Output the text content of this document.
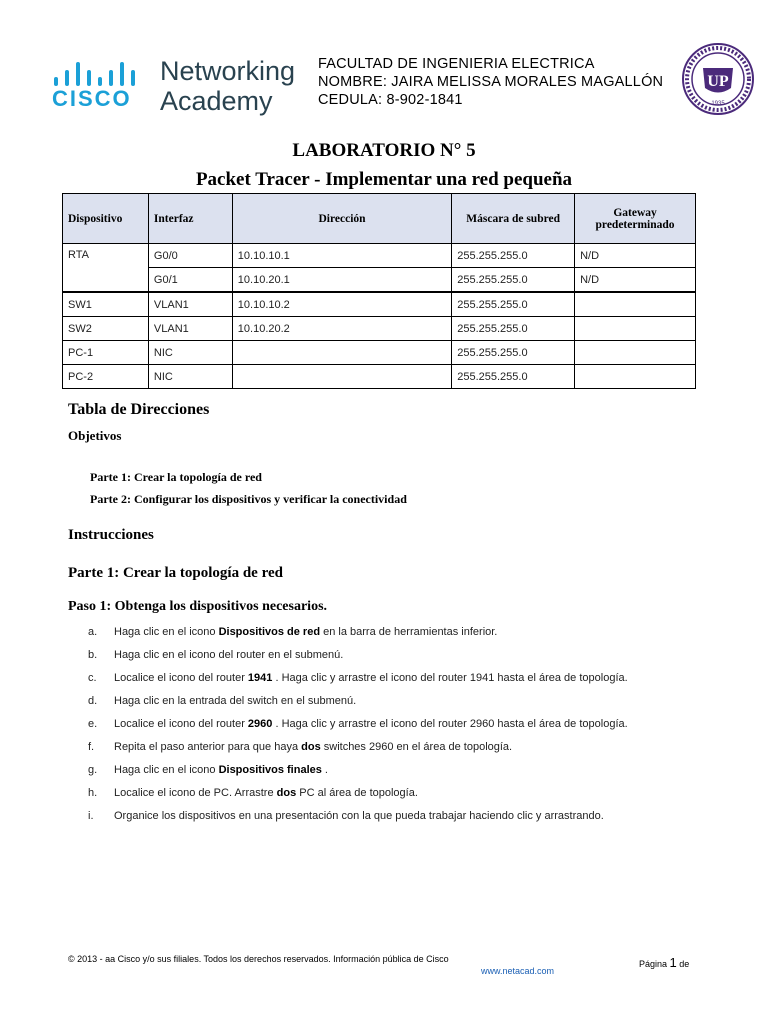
CISCO
Networking
Academy
FACULTAD DE INGENIERIA ELECTRICA
NOMBRE: JAIRA MELISSA MORALES MAGALLÓN
CEDULA: 8-902-1841
UP
1935
LABORATORIO N° 5
Packet Tracer - Implementar una red pequeña
Dispositivo	Interfaz	Dirección	Máscara de subred	Gateway predeterminado
RTA	G0/0	10.10.10.1	255.255.255.0	N/D
	G0/1	10.10.20.1	255.255.255.0	N/D
SW1	VLAN1	10.10.10.2	255.255.255.0	
SW2	VLAN1	10.10.20.2	255.255.255.0	
PC-1	NIC		255.255.255.0	
PC-2	NIC		255.255.255.0	
Tabla de Direcciones
Objetivos
Parte 1: Crear la topología de red
Parte 2: Configurar los dispositivos y verificar la conectividad
Instrucciones
Parte 1: Crear la topología de red
Paso 1: Obtenga los dispositivos necesarios.
a.	Haga clic en el icono Dispositivos de red en la barra de herramientas inferior.
b.	Haga clic en el icono del router en el submenú.
c.	Localice el icono del router 1941 . Haga clic y arrastre el icono del router 1941 hasta el área de topología.
d.	Haga clic en la entrada del switch en el submenú.
e.	Localice el icono del router 2960 . Haga clic y arrastre el icono del router 2960 hasta el área de topología.
f.	Repita el paso anterior para que haya dos switches 2960 en el área de topología.
g.	Haga clic en el icono Dispositivos finales .
h.	Localice el icono de PC. Arrastre dos PC al área de topología.
i.	Organice los dispositivos en una presentación con la que pueda trabajar haciendo clic y arrastrando.
© 2013 - aa Cisco y/o sus filiales. Todos los derechos reservados. Información pública de Cisco
www.netacad.com
Página 1 de
